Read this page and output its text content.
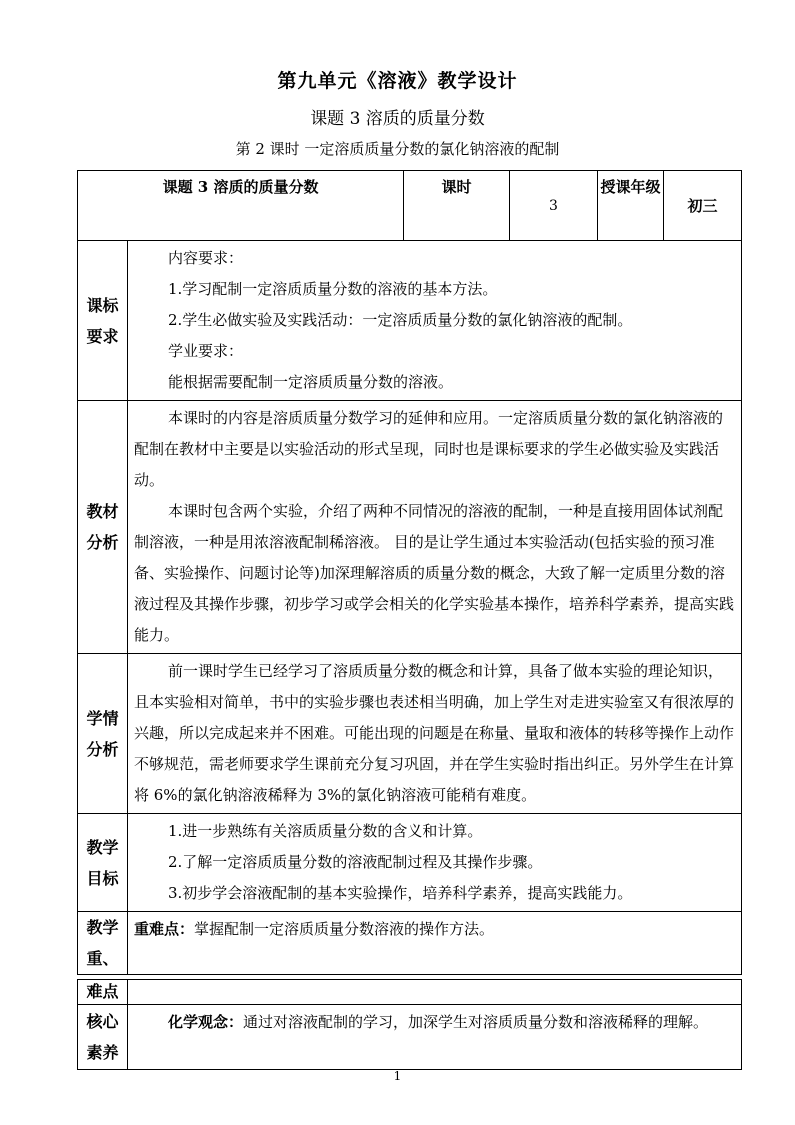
第九单元《溶液》教学设计
课题 3 溶质的质量分数
第 2 课时 一定溶质质量分数的氯化钠溶液的配制
课题 3 溶质的质量分数		课时	3	授课年级	初三

课标要求	内容要求：

1.学习配制一定溶质质量分数的溶液的基本方法。

2.学生必做实验及实践活动：一定溶质质量分数的氯化钠溶液的配制。

学业要求：

能根据需要配制一定溶质质量分数的溶液。				

教材分析	本课时的内容是溶质质量分数学习的延伸和应用。一定溶质质量分数的氯化钠溶液的配制在教材中主要是以实验活动的形式呈现，同时也是课标要求的学生必做实验及实践活动。

本课时包含两个实验，介绍了两种不同情况的溶液的配制，一种是直接用固体试剂配制溶液，一种是用浓溶液配制稀溶液。 目的是让学生通过本实验活动(包括实验的预习准备、实验操作、问题讨论等)加深理解溶质的质量分数的概念，大致了解一定质里分数的溶液过程及其操作步骤，初步学习或学会相关的化学实验基本操作，培养科学素养，提高实践能力。				

学情分析	前一课时学生已经学习了溶质质量分数的概念和计算，具备了做本实验的理论知识，且本实验相对简单，书中的实验步骤也表述相当明确，加上学生对走进实验室又有很浓厚的兴趣，所以完成起来并不困难。可能出现的问题是在称量、量取和液体的转移等操作上动作不够规范，需老师要求学生课前充分复习巩固，并在学生实验时指出纠正。另外学生在计算将 6%的氯化钠溶液稀释为 3%的氯化钠溶液可能稍有难度。				

教学目标	1.进一步熟练有关溶质质量分数的含义和计算。

2.了解一定溶质质量分数的溶液配制过程及其操作步骤。

3.初步学会溶液配制的基本实验操作，培养科学素养，提高实践能力。				

教学重、	重难点：掌握配制一定溶质质量分数溶液的操作方法。				

难点					

核心素养	化学观念：通过对溶液配制的学习，加深学生对溶质质量分数和溶液稀释的理解。				

1
